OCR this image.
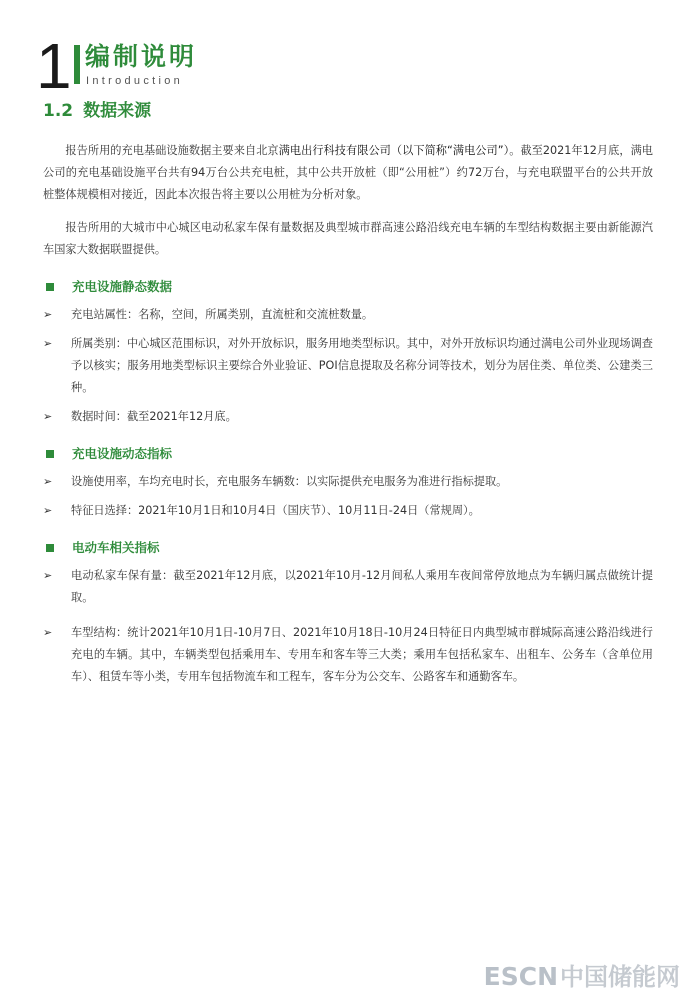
1 编制说明
Introduction
1.2 数据来源

报告所用的充电基础设施数据主要来自北京满电出行科技有限公司（以下简称“满电公司”）。截至2021年12月底，满电公司的充电基础设施平台共有94万台公共充电桩，其中公共开放桩（即“公用桩”）约72万台，与充电联盟平台的公共开放桩整体规模相对接近，因此本次报告将主要以公用桩为分析对象。

报告所用的大城市中心城区电动私家车保有量数据及典型城市群高速公路沿线充电车辆的车型结构数据主要由新能源汽车国家大数据联盟提供。

充电设施静态数据
➢	充电站属性：名称，空间，所属类别，直流桩和交流桩数量。
➢	所属类别：中心城区范围标识，对外开放标识，服务用地类型标识。其中，对外开放标识均通过满电公司外业现场调查予以核实；服务用地类型标识主要综合外业验证、POI信息提取及名称分词等技术，划分为居住类、单位类、公建类三种。
➢	数据时间：截至2021年12月底。
充电设施动态指标
➢	设施使用率，车均充电时长，充电服务车辆数：以实际提供充电服务为准进行指标提取。
➢	特征日选择：2021年10月1日和10月4日（国庆节）、10月11日-24日（常规周）。
电动车相关指标
➢	电动私家车保有量：截至2021年12月底，以2021年10月-12月间私人乘用车夜间常停放地点为车辆归属点做统计提取。
➢	车型结构：统计2021年10月1日-10月7日、2021年10月18日-10月24日特征日内典型城市群城际高速公路沿线进行充电的车辆。其中，车辆类型包括乘用车、专用车和客车等三大类；乘用车包括私家车、出租车、公务车（含单位用车）、租赁车等小类，专用车包括物流车和工程车，客车分为公交车、公路客车和通勤客车。
ESCN 中国储能网
